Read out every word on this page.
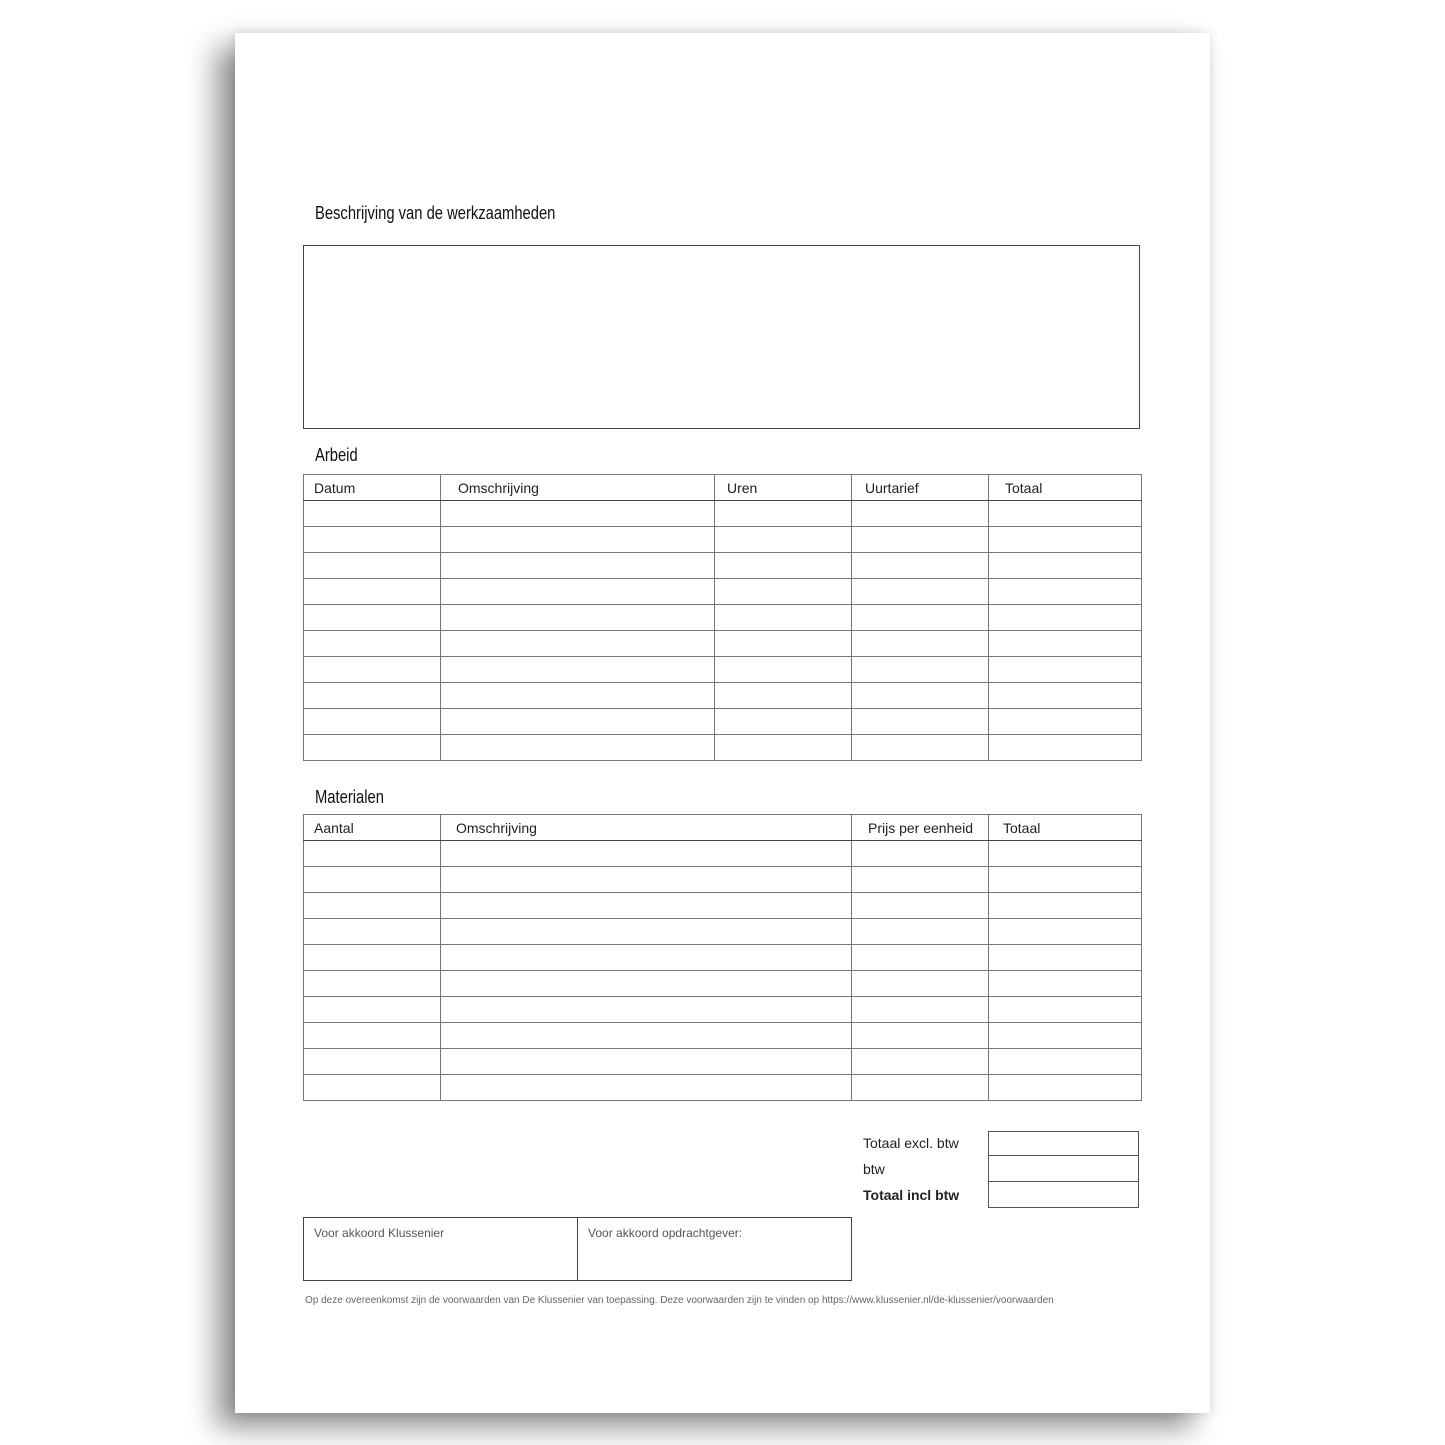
Beschrijving van de werkzaamheden
Arbeid
Datum	Omschrijving	Uren	Uurtarief	Totaal

Materialen
Aantal	Omschrijving	Prijs per eenheid	Totaal

Totaal excl. btw
btw
Totaal incl btw
Voor akkoord Klussenier	Voor akkoord opdrachtgever:
Op deze overeenkomst zijn de voorwaarden van De Klussenier van toepassing. Deze voorwaarden zijn te vinden op https://www.klussenier.nl/de-klussenier/voorwaarden
